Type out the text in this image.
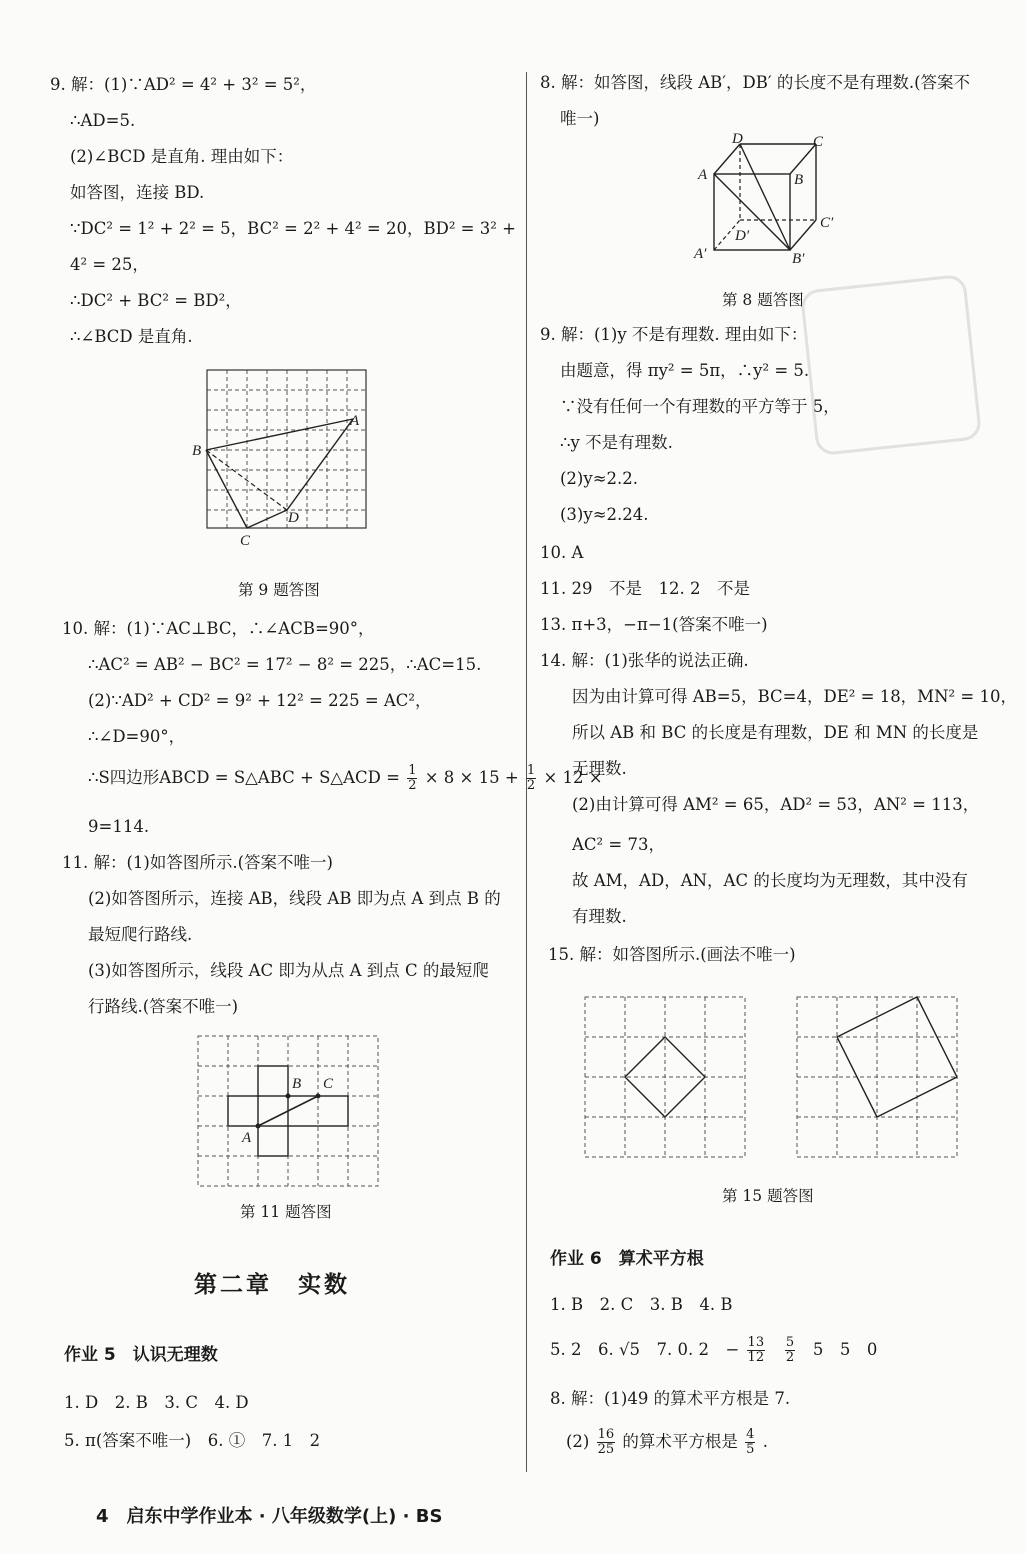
9. 解：(1)∵AD² = 4² + 3² = 5²，
∴AD=5.
(2)∠BCD 是直角. 理由如下：
如答图，连接 BD.
∵DC² = 1² + 2² = 5，BC² = 2² + 4² = 20，BD² = 3² +
4² = 25，
∴DC² + BC² = BD²，
∴∠BCD 是直角.
B
A
C
D
第 9 题答图
10. 解：(1)∵AC⊥BC，∴∠ACB=90°，
∴AC² = AB² − BC² = 17² − 8² = 225，∴AC=15.
(2)∵AD² + CD² = 9² + 12² = 225 = AC²，
∴∠D=90°，
∴S四边形ABCD = S△ABC + S△ACD = $\frac{1}{2} \times 8 \times 15 + \frac{1}{2} \times 12$ ×
9=114.
11. 解：(1)如答图所示.(答案不唯一)
(2)如答图所示，连接 AB，线段 AB 即为点 A 到点 B 的
最短爬行路线.
(3)如答图所示，线段 AC 即为从点 A 到点 C 的最短爬
行路线.(答案不唯一)
A
B C
第 11 题答图
第二章　实数
作业 5　认识无理数
1. D　2. B　3. C　4. D
5. π(答案不唯一)　6. ①　7. 1　2
8. 解：如答图，线段 AB′，DB′ 的长度不是有理数.(答案不
唯一)
D	C
A	B
C′
D′
A′	B′
第 8 题答图
9. 解：(1)y 不是有理数. 理由如下：
由题意，得 πy² = 5π，∴y² = 5.
∵没有任何一个有理数的平方等于 5，
∴y 不是有理数.
(2)y≈2.2.
(3)y≈2.24.
10. A
11. 29　不是　12. 2　不是
13. π+3，−π−1(答案不唯一)
14. 解：(1)张华的说法正确.
因为由计算可得 AB=5，BC=4，DE² = 18，MN² = 10，
所以 AB 和 BC 的长度是有理数，DE 和 MN 的长度是
无理数.
(2)由计算可得 AM² = 65，AD² = 53，AN² = 113，
AC² = 73，
故 AM，AD，AN，AC 的长度均为无理数，其中没有
有理数.
15. 解：如答图所示.(画法不唯一)
第 15 题答图
作业 6　算术平方根
1. B　2. C　3. B　4. B
5. 2　6. √5　7. 0. 2　− $\frac{13}{12}$
$\frac{5}{2} 5$　5　0
8. 解：(1)49 的算术平方根是 7.
$(2) \frac{16}{25}$ 的算术平方根是 $\frac{4}{5}$ .
4　启东中学作业本 · 八年级数学(上) · BS
